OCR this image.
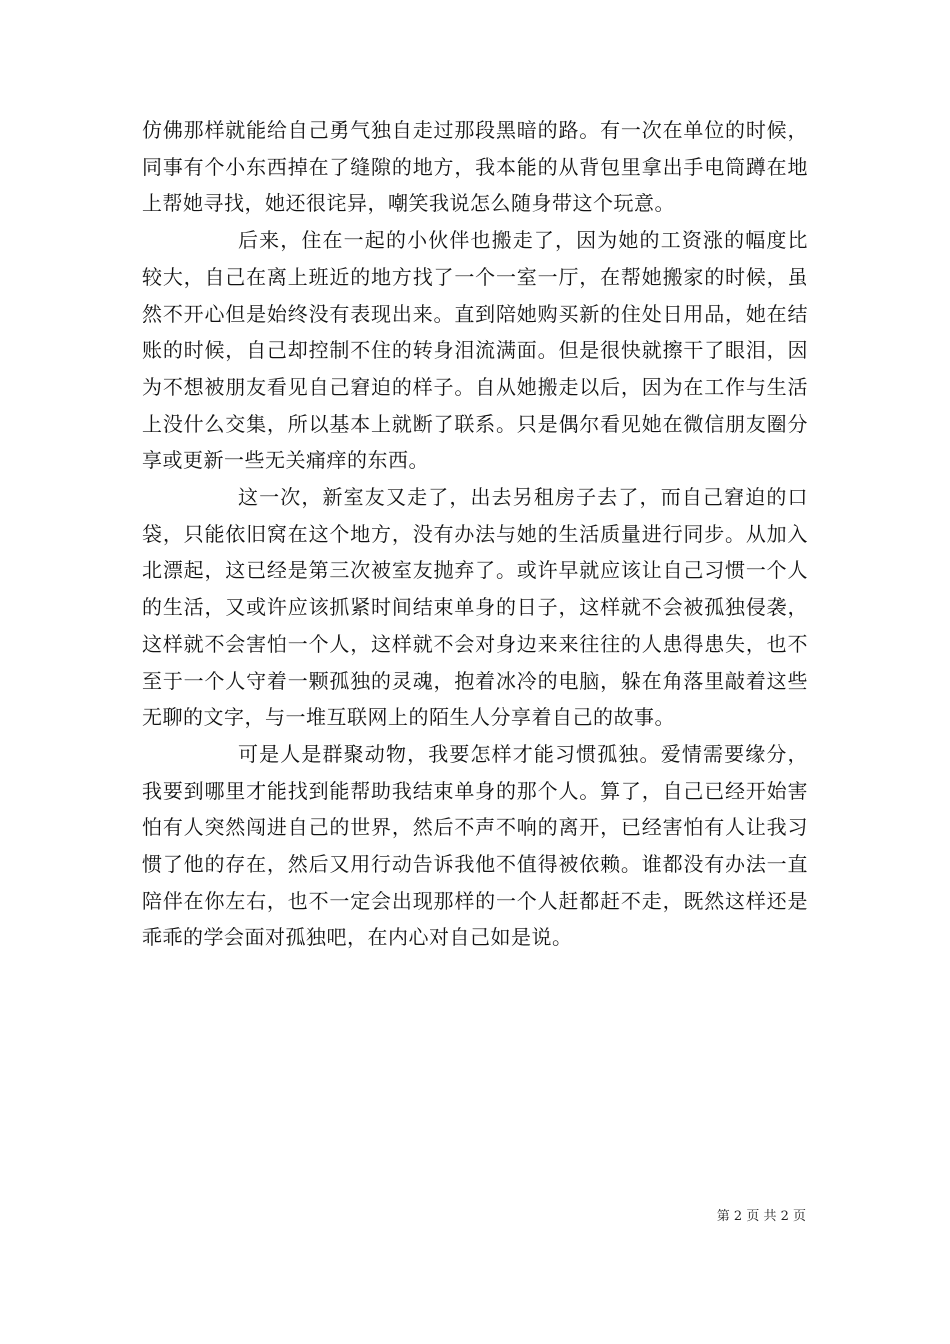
仿佛那样就能给自己勇气独自走过那段黑暗的路。有一次在单位的时候，同事有个小东西掉在了缝隙的地方，我本能的从背包里拿出手电筒蹲在地上帮她寻找，她还很诧异，嘲笑我说怎么随身带这个玩意。

后来，住在一起的小伙伴也搬走了，因为她的工资涨的幅度比较大，自己在离上班近的地方找了一个一室一厅，在帮她搬家的时候，虽然不开心但是始终没有表现出来。直到陪她购买新的住处日用品，她在结账的时候，自己却控制不住的转身泪流满面。但是很快就擦干了眼泪，因为不想被朋友看见自己窘迫的样子。自从她搬走以后，因为在工作与生活上没什么交集，所以基本上就断了联系。只是偶尔看见她在微信朋友圈分享或更新一些无关痛痒的东西。

这一次，新室友又走了，出去另租房子去了，而自己窘迫的口袋，只能依旧窝在这个地方，没有办法与她的生活质量进行同步。从加入北漂起，这已经是第三次被室友抛弃了。或许早就应该让自己习惯一个人的生活，又或许应该抓紧时间结束单身的日子，这样就不会被孤独侵袭，这样就不会害怕一个人，这样就不会对身边来来往往的人患得患失，也不至于一个人守着一颗孤独的灵魂，抱着冰冷的电脑，躲在角落里敲着这些无聊的文字，与一堆互联网上的陌生人分享着自己的故事。

可是人是群聚动物，我要怎样才能习惯孤独。爱情需要缘分，我要到哪里才能找到能帮助我结束单身的那个人。算了，自己已经开始害怕有人突然闯进自己的世界，然后不声不响的离开，已经害怕有人让我习惯了他的存在，然后又用行动告诉我他不值得被依赖。谁都没有办法一直陪伴在你左右，也不一定会出现那样的一个人赶都赶不走，既然这样还是乖乖的学会面对孤独吧，在内心对自己如是说。

第 2 页 共 2 页
